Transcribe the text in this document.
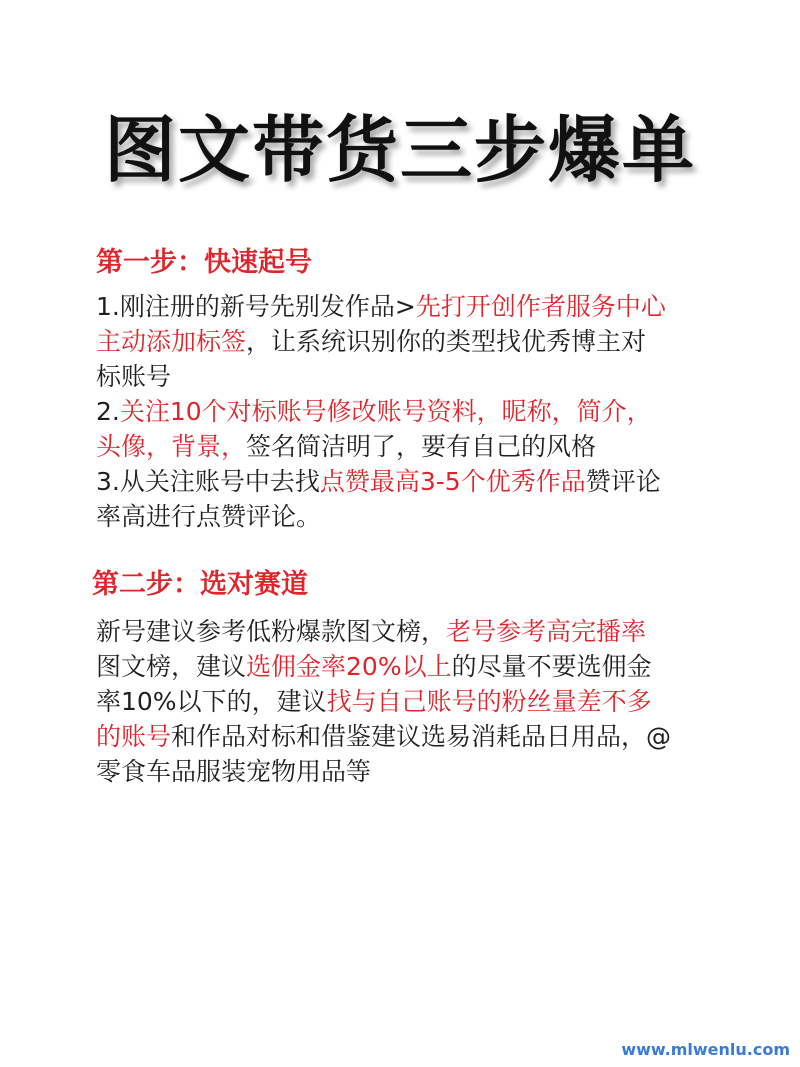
图文带货三步爆单
第一步：快速起号
1.刚注册的新号先别发作品>先打开创作者服务中心
主动添加标签，让系统识别你的类型找优秀博主对
标账号
2.关注10个对标账号修改账号资料，昵称，简介，
头像，背景，签名简洁明了，要有自己的风格
3.从关注账号中去找点赞最高3-5个优秀作品赞评论
率高进行点赞评论。
第二步：选对赛道
新号建议参考低粉爆款图文榜，老号参考高完播率
图文榜，建议选佣金率20%以上的尽量不要选佣金
率10%以下的，建议找与自己账号的粉丝量差不多
的账号和作品对标和借鉴建议选易消耗品日用品，@
零食车品服装宠物用品等
www.mlwenlu.com
